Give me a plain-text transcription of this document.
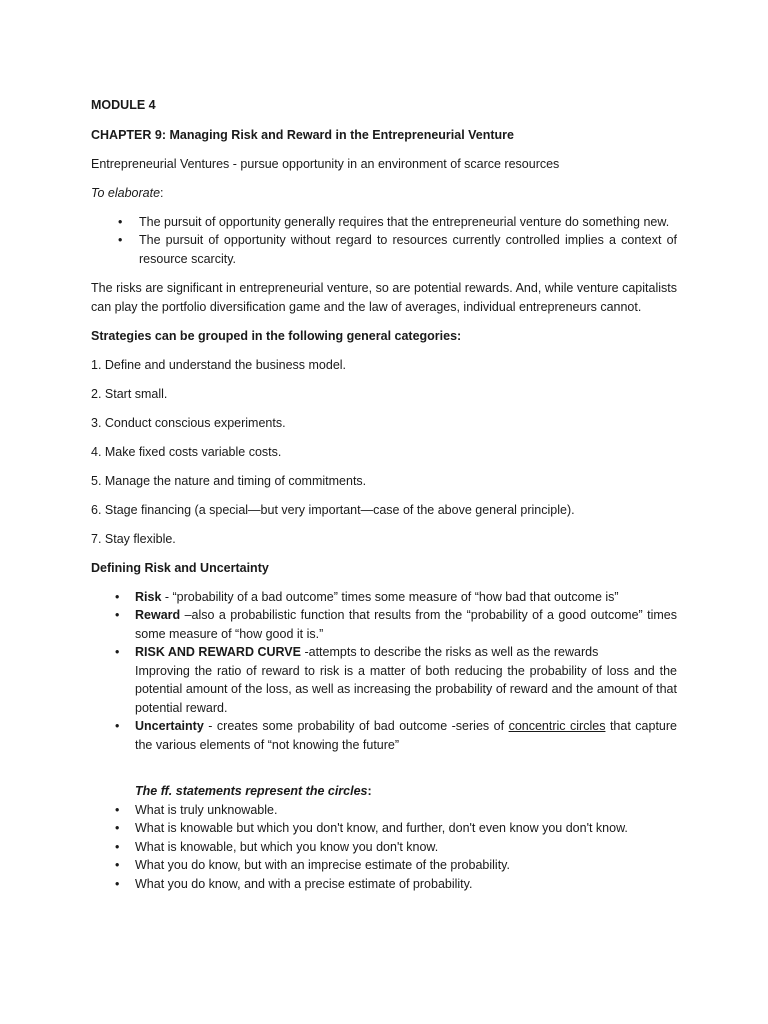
MODULE 4

CHAPTER 9: Managing Risk and Reward in the Entrepreneurial Venture

Entrepreneurial Ventures - pursue opportunity in an environment of scarce resources

To elaborate:

• The pursuit of opportunity generally requires that the entrepreneurial venture do something new.
• The pursuit of opportunity without regard to resources currently controlled implies a context of resource scarcity.

The risks are significant in entrepreneurial venture, so are potential rewards. And, while venture capitalists can play the portfolio diversification game and the law of averages, individual entrepreneurs cannot.

Strategies can be grouped in the following general categories:

1. Define and understand the business model.

2. Start small.

3. Conduct conscious experiments.

4. Make fixed costs variable costs.

5. Manage the nature and timing of commitments.

6. Stage financing (a special—but very important—case of the above general principle).

7. Stay flexible.

Defining Risk and Uncertainty

• Risk - “probability of a bad outcome” times some measure of “how bad that outcome is”
• Reward –also a probabilistic function that results from the “probability of a good outcome” times some measure of “how good it is.”
• RISK AND REWARD CURVE -attempts to describe the risks as well as the rewards
Improving the ratio of reward to risk is a matter of both reducing the probability of loss and the potential amount of the loss, as well as increasing the probability of reward and the amount of that potential reward.
• Uncertainty - creates some probability of bad outcome -series of concentric circles that capture the various elements of “not knowing the future”

The ff. statements represent the circles:

• What is truly unknowable.
• What is knowable but which you don't know, and further, don't even know you don't know.
• What is knowable, but which you know you don't know.
• What you do know, but with an imprecise estimate of the probability.
• What you do know, and with a precise estimate of probability.
